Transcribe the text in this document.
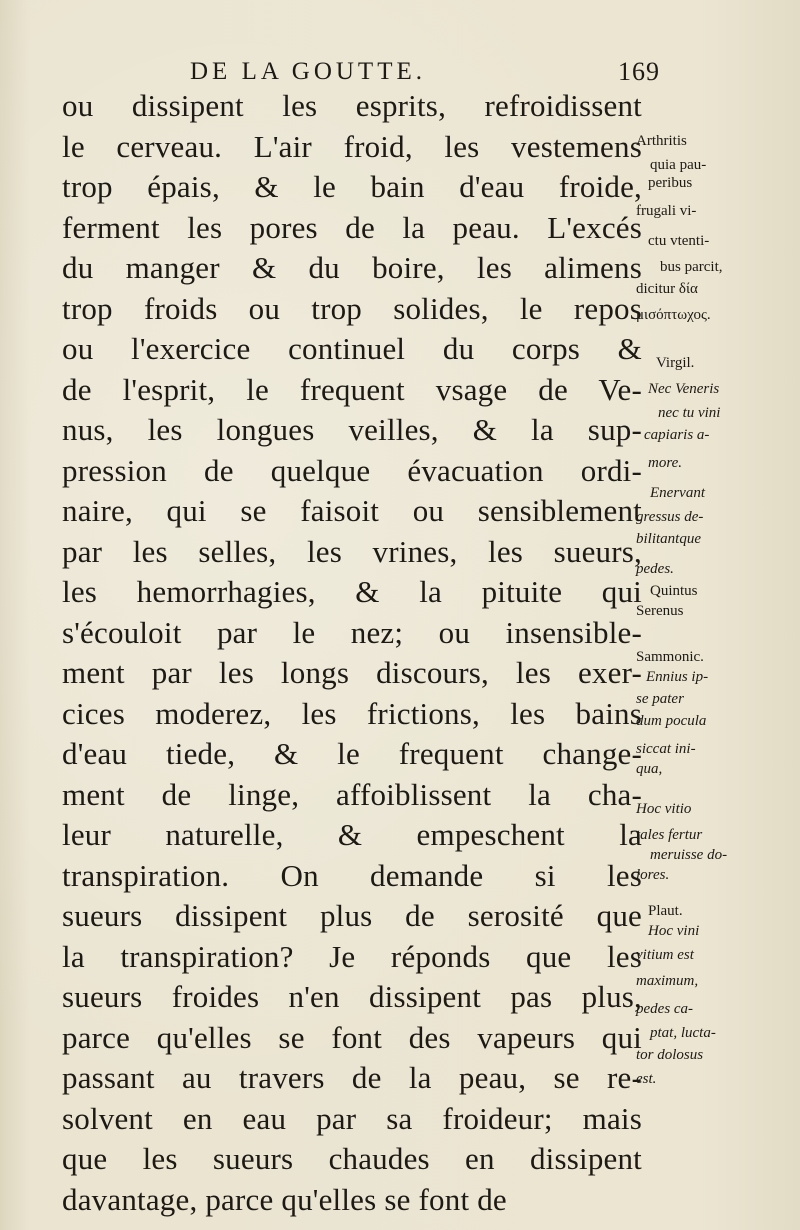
DE LA GOUTTE.	169
ou dissipent les esprits, refroidissent
le cerveau. L'air froid, les vestemens
trop épais, & le bain d'eau froide,
ferment les pores de la peau. L'excés
du manger & du boire, les alimens
trop froids ou trop solides, le repos
ou l'exercice continuel du corps &
de l'esprit, le frequent vsage de Ve-
nus, les longues veilles, & la sup-
pression de quelque évacuation ordi-
naire, qui se faisoit ou sensiblement
par les selles, les vrines, les sueurs,
les hemorrhagies, & la pituite qui
s'écouloit par le nez; ou insensible-
ment par les longs discours, les exer-
cices moderez, les frictions, les bains
d'eau tiede, & le frequent change-
ment de linge, affoiblissent la cha-
leur naturelle, & empeschent la
transpiration. On demande si les
sueurs dissipent plus de serosité que
la transpiration? Je réponds que les
sueurs froides n'en dissipent pas plus,
parce qu'elles se font des vapeurs qui
passant au travers de la peau, se re-
solvent en eau par sa froideur; mais
que les sueurs chaudes en dissipent
davantage, parce qu'elles se font de
Arthritis
quia pau-
peribus
frugali vi-
ctu vtenti-
bus parcit,
dicitur δία
μισόπτωχος.
Virgil.
Nec Veneris
nec tu vini
capiaris a-
more.
Enervant
gressus de-
bilitantque
pedes.
Quintus
Serenus
Sammonic.
Ennius ip-
se pater
dum pocula
siccat ini-
qua,
Hoc vitio
tales fertur
meruisse do-
lores.
Plaut.
Hoc vini
vitium est
maximum,
pedes ca-
ptat, lucta-
tor dolosus
est.
